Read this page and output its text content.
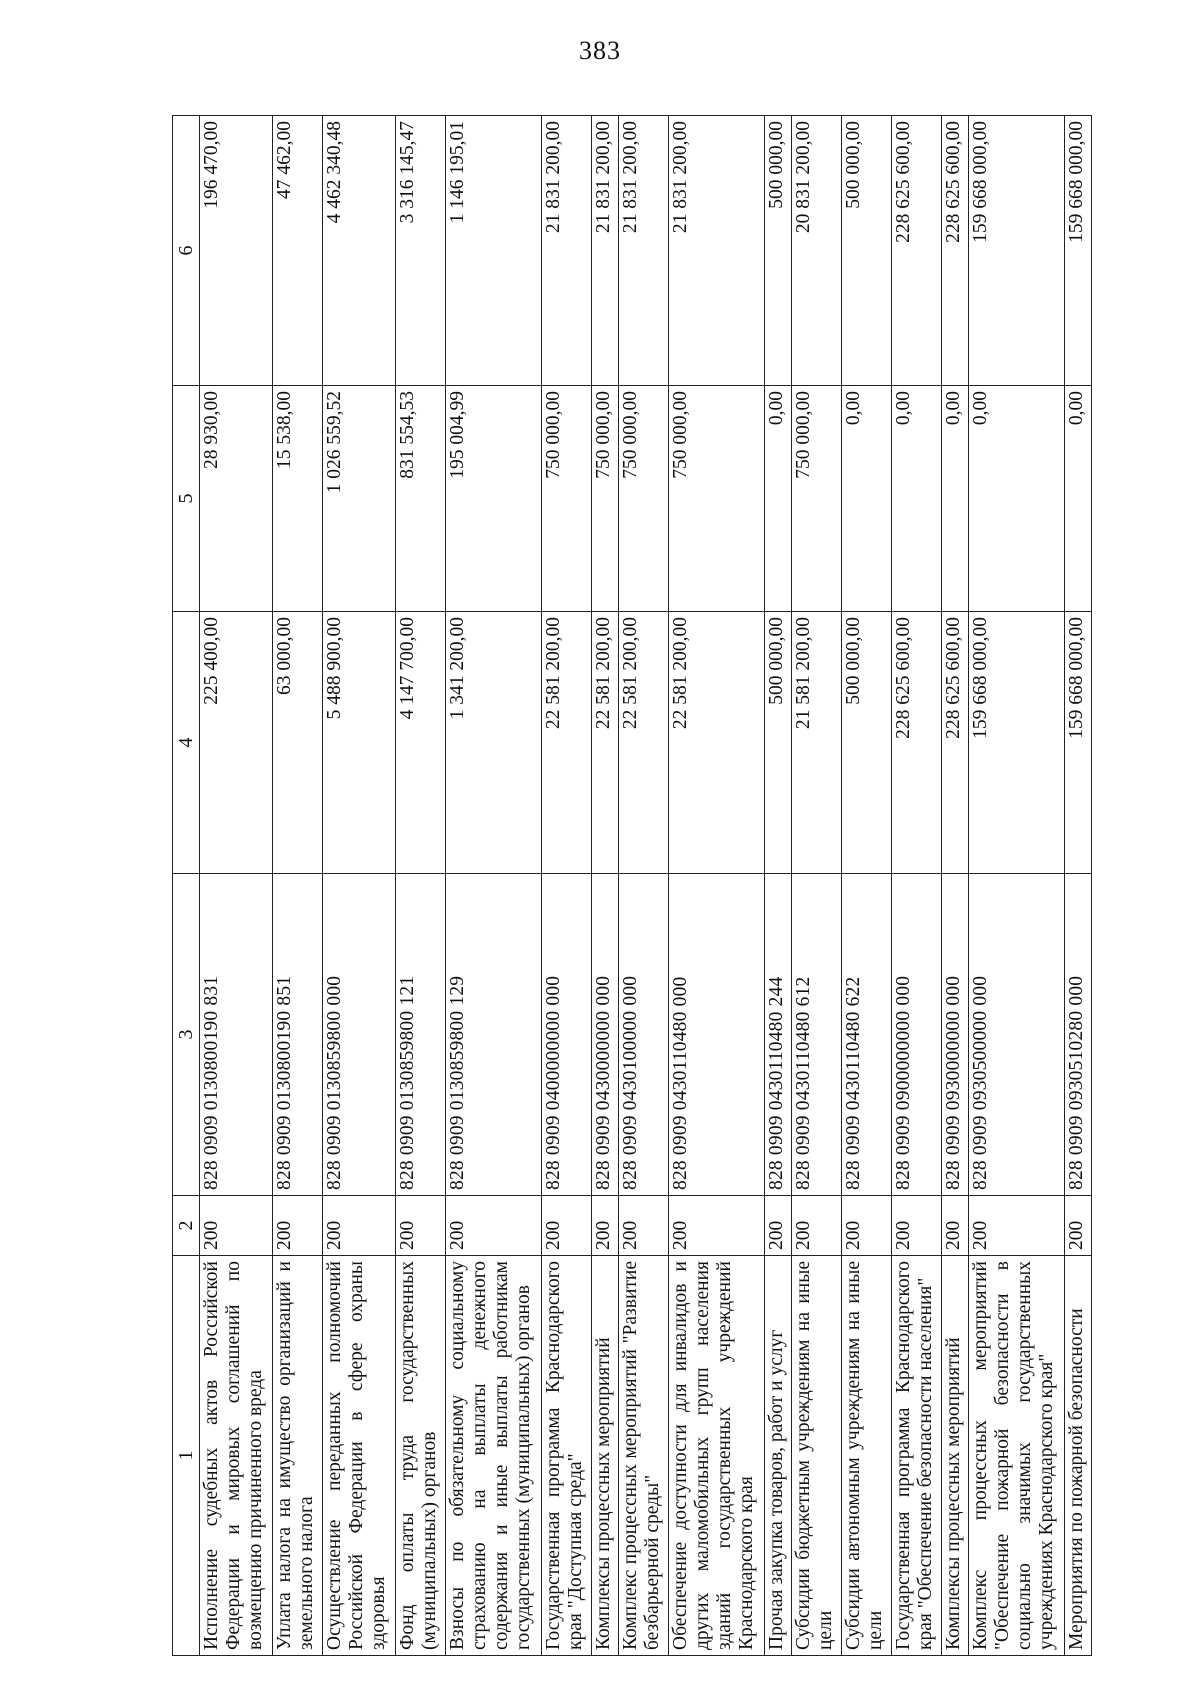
383
1	2	3	4	5	6
Исполнение судебных актов Российской Федерации и мировых соглашений по возмещению причиненного вреда	200	828 0909 0130800190 831	225 400,00	28 930,00	196 470,00
Уплата налога на имущество организаций и земельного налога	200	828 0909 0130800190 851	63 000,00	15 538,00	47 462,00
Осуществление переданных полномочий Российской Федерации в сфере охраны здоровья	200	828 0909 0130859800 000	5 488 900,00	1 026 559,52	4 462 340,48
Фонд оплаты труда государственных (муниципальных) органов	200	828 0909 0130859800 121	4 147 700,00	831 554,53	3 316 145,47
Взносы по обязательному социальному страхованию на выплаты денежного содержания и иные выплаты работникам государственных (муниципальных) органов	200	828 0909 0130859800 129	1 341 200,00	195 004,99	1 146 195,01
Государственная программа Краснодарского края "Доступная среда"	200	828 0909 0400000000 000	22 581 200,00	750 000,00	21 831 200,00
Комплексы процессных мероприятий	200	828 0909 0430000000 000	22 581 200,00	750 000,00	21 831 200,00
Комплекс процессных мероприятий "Развитие безбарьерной среды"	200	828 0909 0430100000 000	22 581 200,00	750 000,00	21 831 200,00
Обеспечение доступности для инвалидов и других маломобильных групп населения зданий государственных учреждений Краснодарского края	200	828 0909 0430110480 000	22 581 200,00	750 000,00	21 831 200,00
Прочая закупка товаров, работ и услуг	200	828 0909 0430110480 244	500 000,00	0,00	500 000,00
Субсидии бюджетным учреждениям на иные цели	200	828 0909 0430110480 612	21 581 200,00	750 000,00	20 831 200,00
Субсидии автономным учреждениям на иные цели	200	828 0909 0430110480 622	500 000,00	0,00	500 000,00
Государственная программа Краснодарского края "Обеспечение безопасности населения"	200	828 0909 0900000000 000	228 625 600,00	0,00	228 625 600,00
Комплексы процессных мероприятий	200	828 0909 0930000000 000	228 625 600,00	0,00	228 625 600,00
Комплекс процессных мероприятий "Обеспечение пожарной безопасности в социально значимых государственных учреждениях Краснодарского края"	200	828 0909 0930500000 000	159 668 000,00	0,00	159 668 000,00
Мероприятия по пожарной безопасности	200	828 0909 0930510280 000	159 668 000,00	0,00	159 668 000,00
